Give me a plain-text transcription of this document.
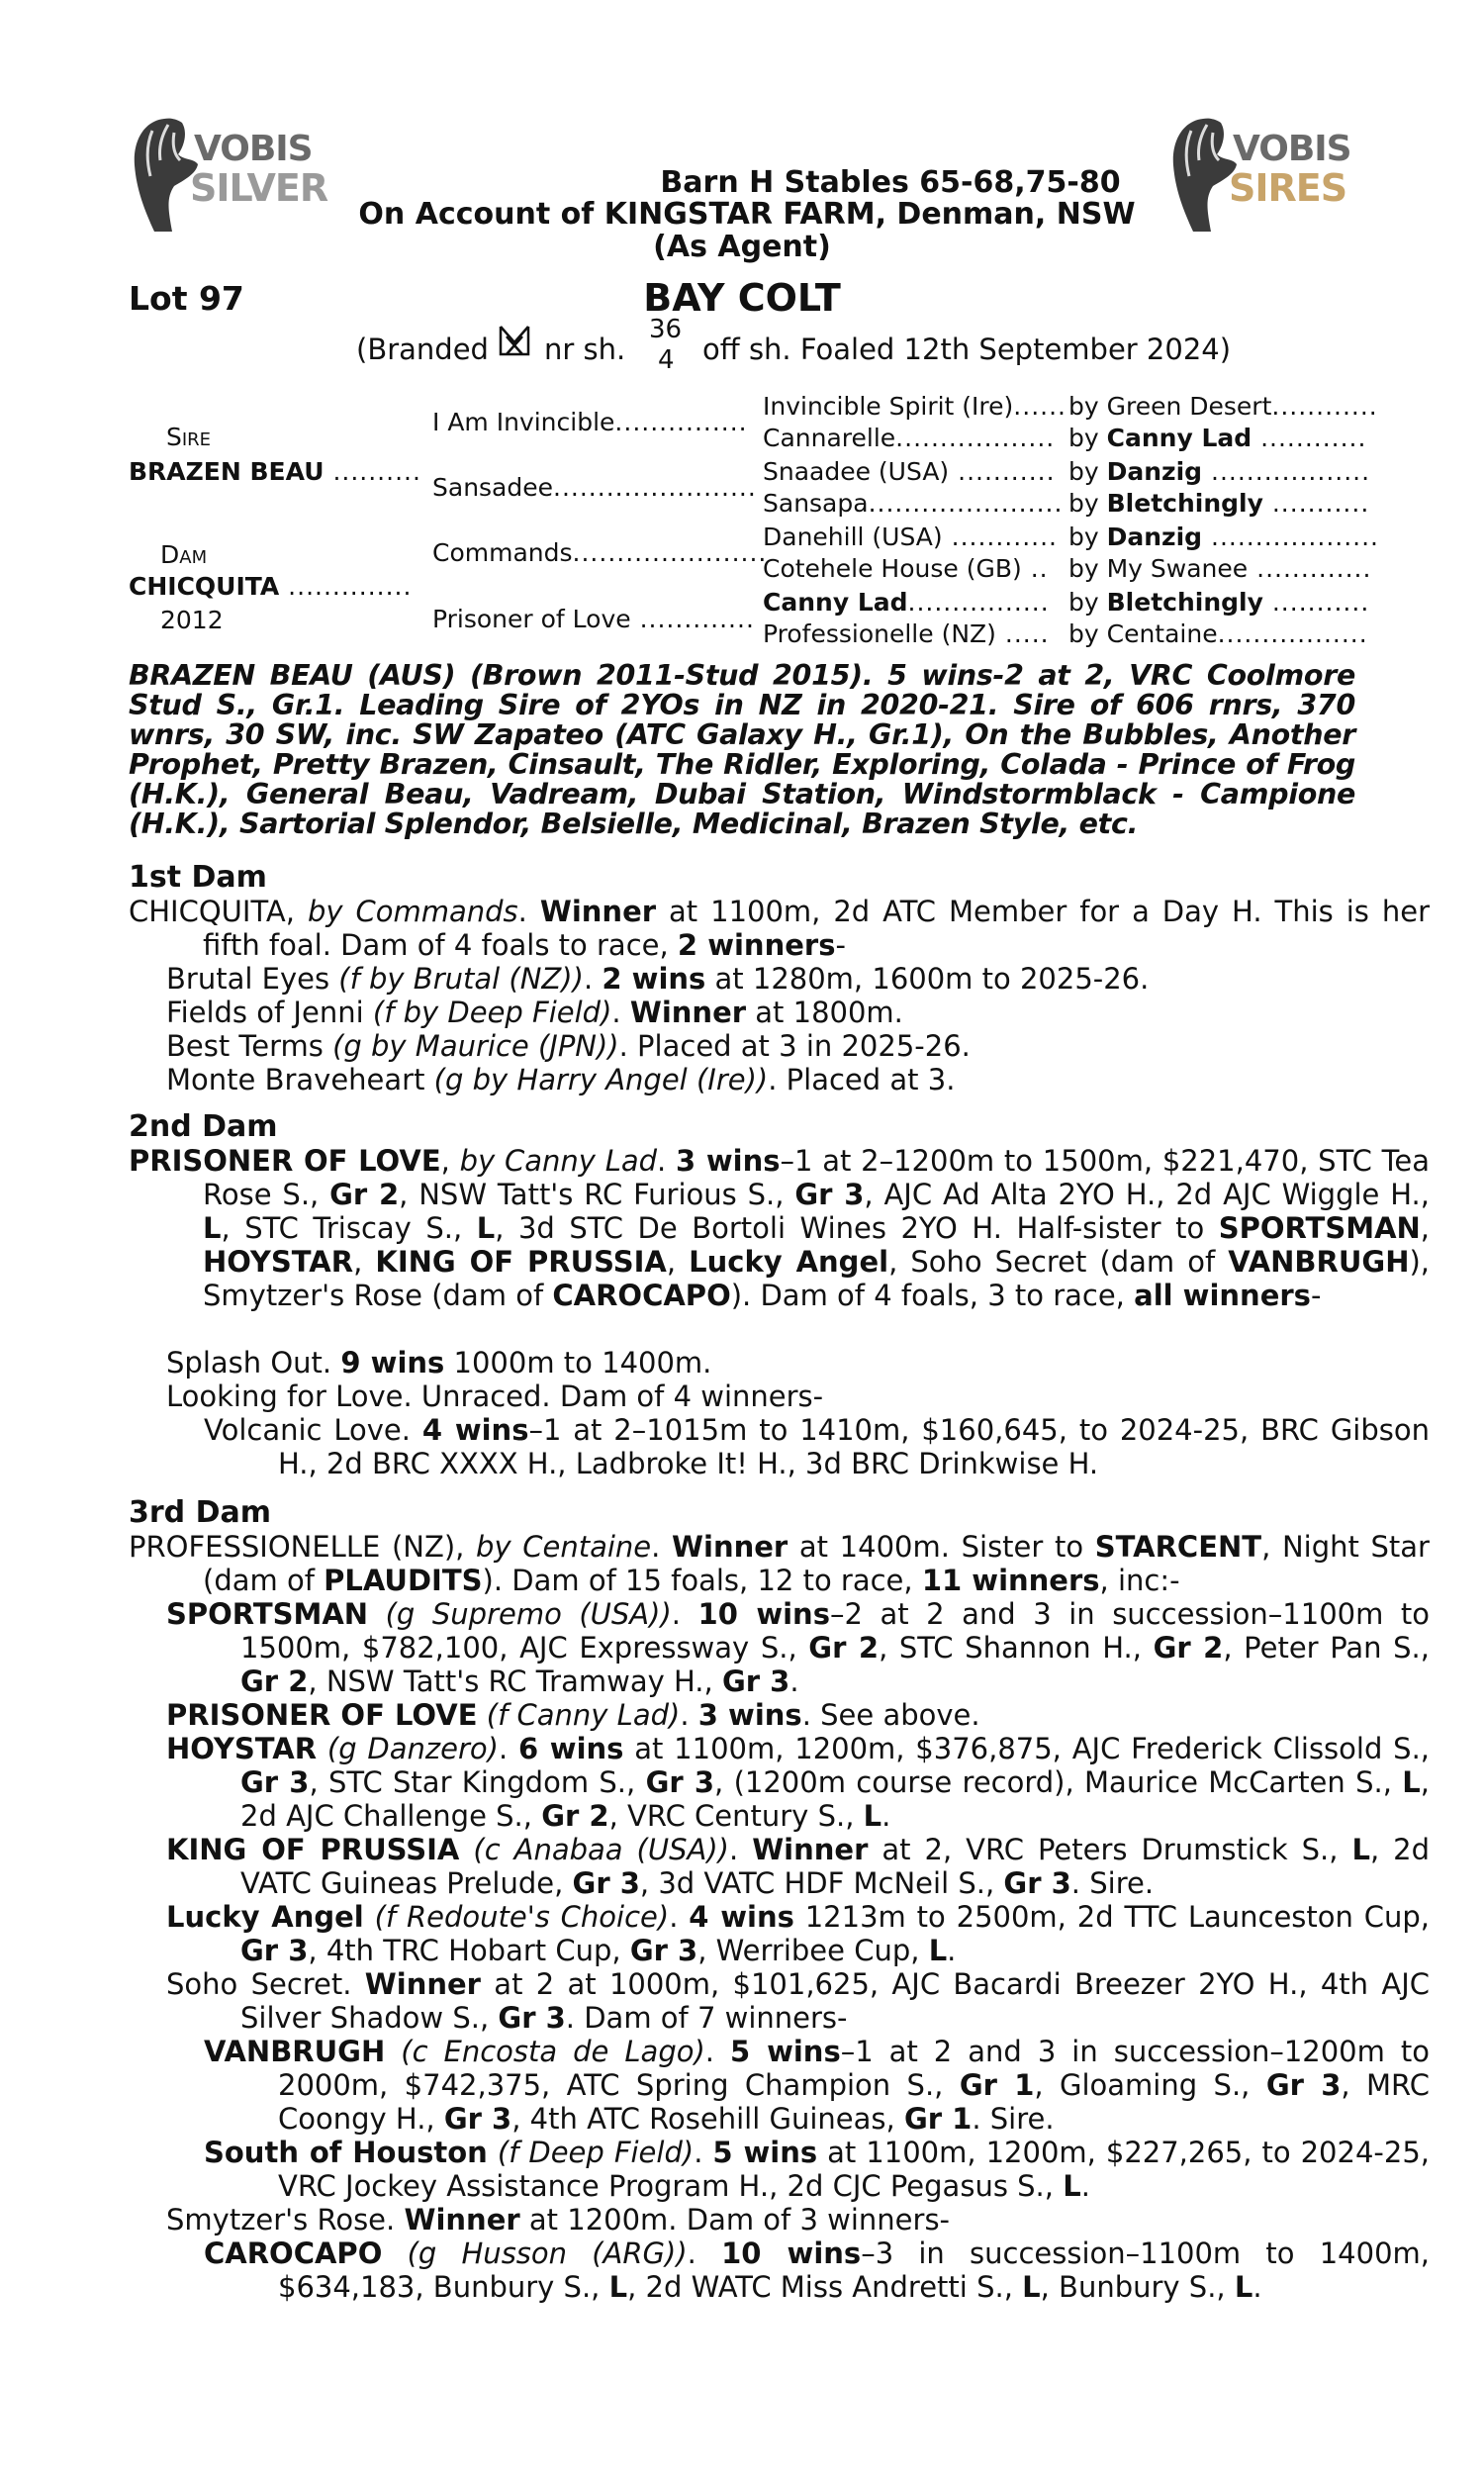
VOBIS
SILVER
VOBIS
SIRES
Barn H Stables 65-68,75-80
On Account of KINGSTAR FARM, Denman, NSW
(As Agent)
Lot 97	BAY COLT
(Branded nr sh.
36
4 off sh. Foaled 12th September 2024)
Sire
BRAZEN BEAU ..........
Dam
CHICQUITA ..............
2012
I Am Invincible...............
Sansadee.......................
Commands......................
Prisoner of Love .............
Invincible Spirit (Ire)......
Cannarelle..................
Snaadee (USA) ...........
Sansapa......................
Danehill (USA) ............
Cotehele House (GB) ..
Canny Lad................
Professionelle (NZ) .....
by Green Desert............
by Canny Lad ............
by Danzig ..................
by Bletchingly ...........
by Danzig ...................
by My Swanee .............
by Bletchingly ...........
by Centaine.................
BRAZEN BEAU (AUS) (Brown 2011-Stud 2015). 5 wins-2 at 2, VRC Coolmore Stud S., Gr.1. Leading Sire of 2YOs in NZ in 2020-21. Sire of 606 rnrs, 370 wnrs, 30 SW, inc. SW Zapateo (ATC Galaxy H., Gr.1), On the Bubbles, Another Prophet, Pretty Brazen, Cinsault, The Ridler, Exploring, Colada - Prince of Frog (H.K.), General Beau, Vadream, Dubai Station, Windstormblack - Campione (H.K.), Sartorial Splendor, Belsielle, Medicinal, Brazen Style, etc.
1st Dam
CHICQUITA, by Commands. Winner at 1100m, 2d ATC Member for a Day H. This is her fifth foal. Dam of 4 foals to race, 2 winners-
Brutal Eyes (f by Brutal (NZ)). 2 wins at 1280m, 1600m to 2025-26.
Fields of Jenni (f by Deep Field). Winner at 1800m.
Best Terms (g by Maurice (JPN)). Placed at 3 in 2025-26.
Monte Braveheart (g by Harry Angel (Ire)). Placed at 3.
2nd Dam
PRISONER OF LOVE, by Canny Lad. 3 wins–1 at 2–1200m to 1500m, $221,470, STC Tea Rose S., Gr 2, NSW Tatt's RC Furious S., Gr 3, AJC Ad Alta 2YO H., 2d AJC Wiggle H., L, STC Triscay S., L, 3d STC De Bortoli Wines 2YO H. Half-sister to SPORTSMAN, HOYSTAR, KING OF PRUSSIA, Lucky Angel, Soho Secret (dam of VANBRUGH), Smytzer's Rose (dam of CAROCAPO). Dam of 4 foals, 3 to race, all winners-
Splash Out. 9 wins 1000m to 1400m.
Looking for Love. Unraced. Dam of 4 winners-
Volcanic Love. 4 wins–1 at 2–1015m to 1410m, $160,645, to 2024-25, BRC Gibson H., 2d BRC XXXX H., Ladbroke It! H., 3d BRC Drinkwise H.
3rd Dam
PROFESSIONELLE (NZ), by Centaine. Winner at 1400m. Sister to STARCENT, Night Star (dam of PLAUDITS). Dam of 15 foals, 12 to race, 11 winners, inc:-
SPORTSMAN (g Supremo (USA)). 10 wins–2 at 2 and 3 in succession–1100m to 1500m, $782,100, AJC Expressway S., Gr 2, STC Shannon H., Gr 2, Peter Pan S., Gr 2, NSW Tatt's RC Tramway H., Gr 3.
PRISONER OF LOVE (f Canny Lad). 3 wins. See above.
HOYSTAR (g Danzero). 6 wins at 1100m, 1200m, $376,875, AJC Frederick Clissold S., Gr 3, STC Star Kingdom S., Gr 3, (1200m course record), Maurice McCarten S., L, 2d AJC Challenge S., Gr 2, VRC Century S., L.
KING OF PRUSSIA (c Anabaa (USA)). Winner at 2, VRC Peters Drumstick S., L, 2d VATC Guineas Prelude, Gr 3, 3d VATC HDF McNeil S., Gr 3. Sire.
Lucky Angel (f Redoute's Choice). 4 wins 1213m to 2500m, 2d TTC Launceston Cup, Gr 3, 4th TRC Hobart Cup, Gr 3, Werribee Cup, L.
Soho Secret. Winner at 2 at 1000m, $101,625, AJC Bacardi Breezer 2YO H., 4th AJC Silver Shadow S., Gr 3. Dam of 7 winners-
VANBRUGH (c Encosta de Lago). 5 wins–1 at 2 and 3 in succession–1200m to 2000m, $742,375, ATC Spring Champion S., Gr 1, Gloaming S., Gr 3, MRC Coongy H., Gr 3, 4th ATC Rosehill Guineas, Gr 1. Sire.
South of Houston (f Deep Field). 5 wins at 1100m, 1200m, $227,265, to 2024-25, VRC Jockey Assistance Program H., 2d CJC Pegasus S., L.
Smytzer's Rose. Winner at 1200m. Dam of 3 winners-
CAROCAPO (g Husson (ARG)). 10 wins–3 in succession–1100m to 1400m, $634,183, Bunbury S., L, 2d WATC Miss Andretti S., L, Bunbury S., L.
